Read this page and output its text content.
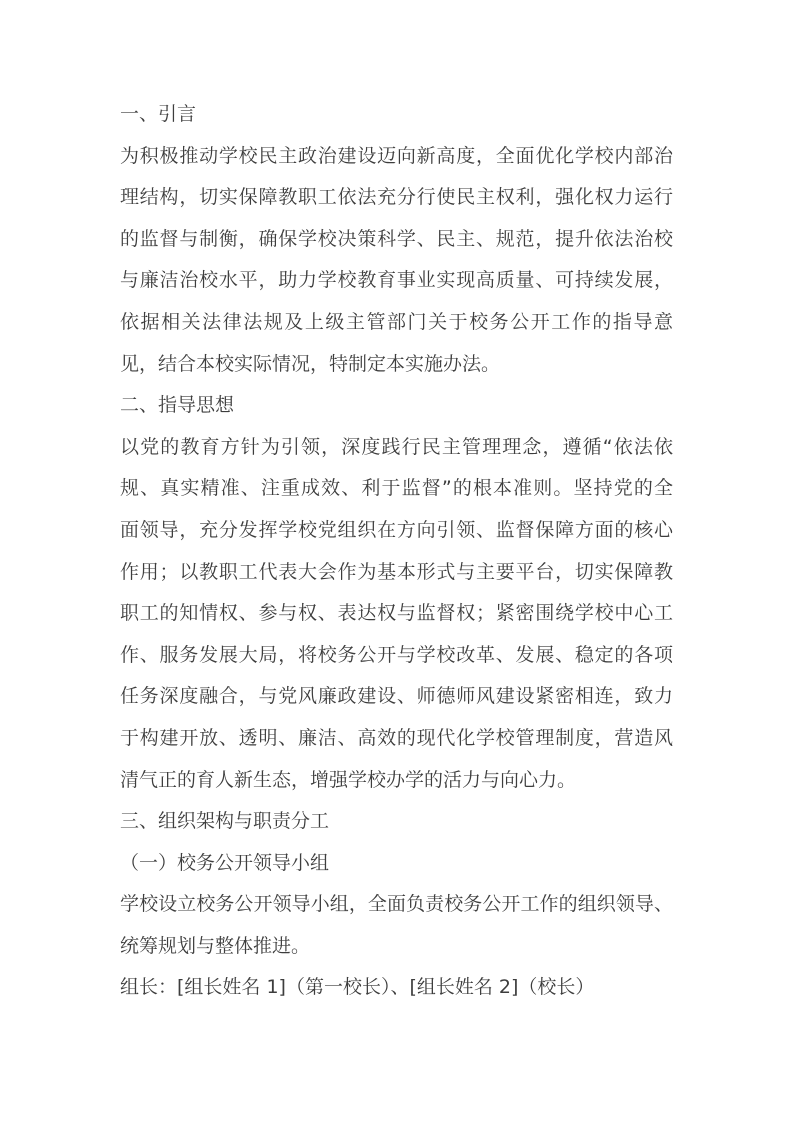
一、引言
为积极推动学校民主政治建设迈向新高度，全面优化学校内部治
理结构，切实保障教职工依法充分行使民主权利，强化权力运行
的监督与制衡，确保学校决策科学、民主、规范，提升依法治校
与廉洁治校水平，助力学校教育事业实现高质量、可持续发展，
依据相关法律法规及上级主管部门关于校务公开工作的指导意
见，结合本校实际情况，特制定本实施办法。
二、指导思想
以党的教育方针为引领，深度践行民主管理理念，遵循“依法依
规、真实精准、注重成效、利于监督”的根本准则。坚持党的全
面领导，充分发挥学校党组织在方向引领、监督保障方面的核心
作用；以教职工代表大会作为基本形式与主要平台，切实保障教
职工的知情权、参与权、表达权与监督权；紧密围绕学校中心工
作、服务发展大局，将校务公开与学校改革、发展、稳定的各项
任务深度融合，与党风廉政建设、师德师风建设紧密相连，致力
于构建开放、透明、廉洁、高效的现代化学校管理制度，营造风
清气正的育人新生态，增强学校办学的活力与向心力。
三、组织架构与职责分工
（一）校务公开领导小组
学校设立校务公开领导小组，全面负责校务公开工作的组织领导、
统筹规划与整体推进。
组长：[组长姓名 1]（第一校长）、[组长姓名 2]（校长）
